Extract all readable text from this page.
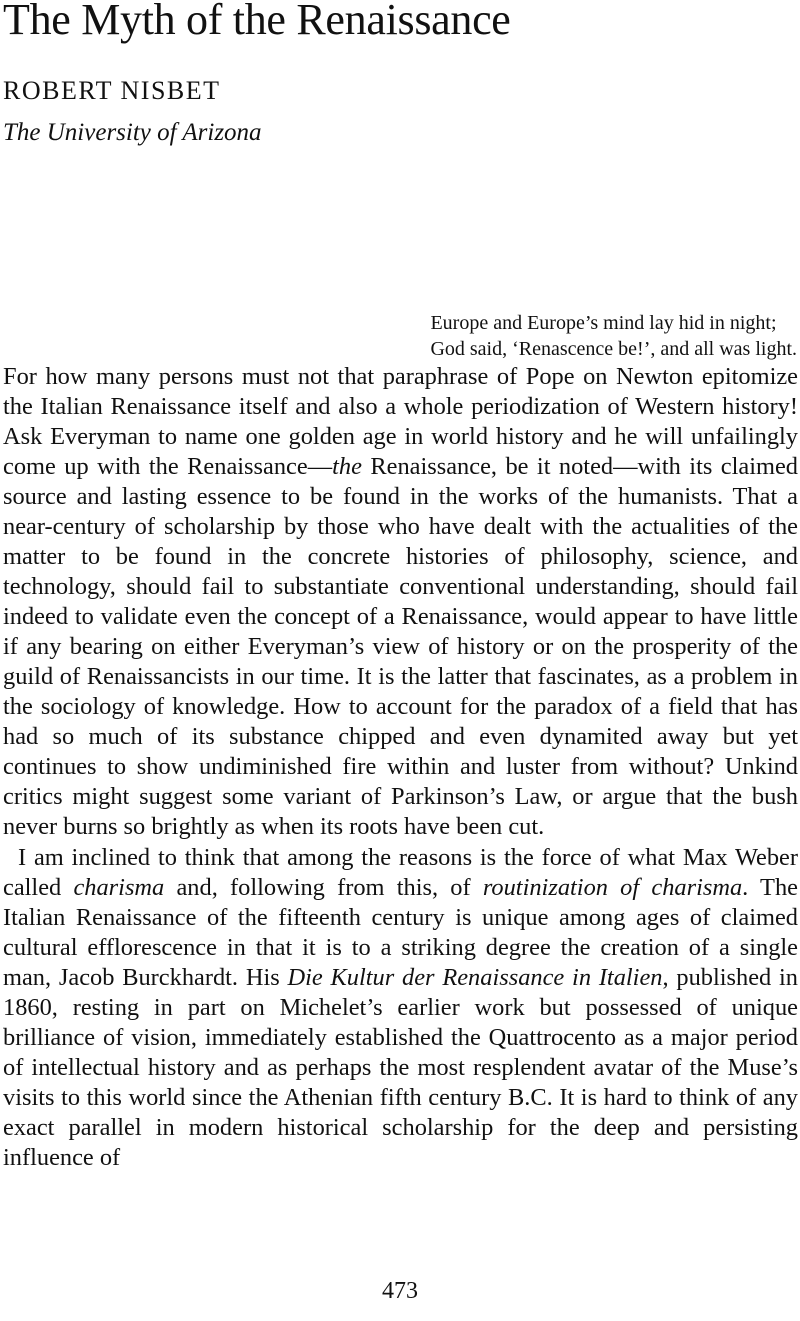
The Myth of the Renaissance
ROBERT NISBET
The University of Arizona
Europe and Europe’s mind lay hid in night;
God said, ‘Renascence be!’, and all was light.

For how many persons must not that paraphrase of Pope on Newton epitomize the Italian Renaissance itself and also a whole periodization of Western history! Ask Everyman to name one golden age in world history and he will unfailingly come up with the Renaissance—the Renaissance, be it noted—with its claimed source and lasting essence to be found in the works of the humanists. That a near-century of scholarship by those who have dealt with the actualities of the matter to be found in the concrete histories of philosophy, science, and technology, should fail to substantiate conventional understanding, should fail indeed to validate even the concept of a Renaissance, would appear to have little if any bearing on either Everyman’s view of history or on the prosperity of the guild of Renaissancists in our time. It is the latter that fascinates, as a problem in the sociology of knowledge. How to account for the paradox of a field that has had so much of its substance chipped and even dynamited away but yet continues to show undiminished fire within and luster from without? Unkind critics might suggest some variant of Parkinson’s Law, or argue that the bush never burns so brightly as when its roots have been cut.

I am inclined to think that among the reasons is the force of what Max Weber called charisma and, following from this, of routinization of charisma. The Italian Renaissance of the fifteenth century is unique among ages of claimed cultural efflorescence in that it is to a striking degree the creation of a single man, Jacob Burckhardt. His Die Kultur der Renaissance in Italien, published in 1860, resting in part on Michelet’s earlier work but possessed of unique brilliance of vision, immediately established the Quattrocento as a major period of intellectual history and as perhaps the most resplendent avatar of the Muse’s visits to this world since the Athenian fifth century B.C. It is hard to think of any exact parallel in modern historical scholarship for the deep and persisting influence of

473
